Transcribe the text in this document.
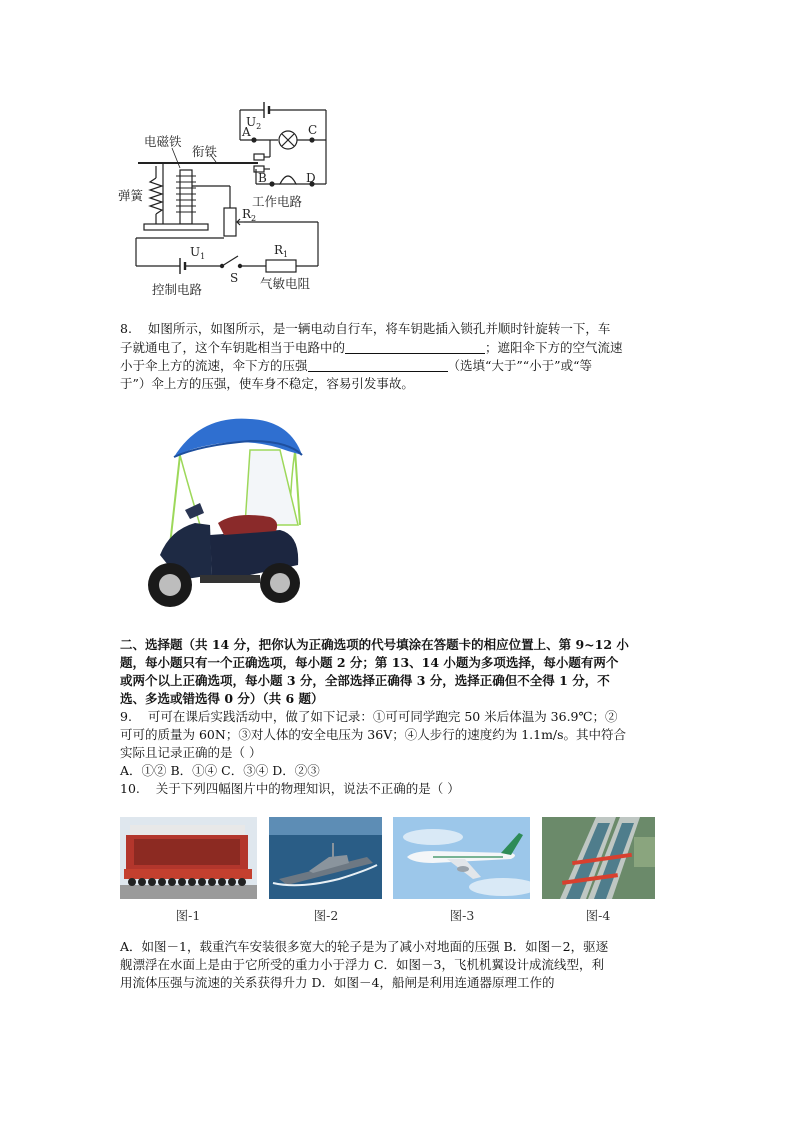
$U_2$
A	C
B	D
电磁铁
衔铁
弹簧
$R_2$
工作电路
$U_1$	$R_1$
S
控制电路	气敏电阻
8. 如图所示，如图所示，是一辆电动自行车，将车钥匙插入锁孔并顺时针旋转一下，车
子就通电了，这个车钥匙相当于电路中的	；遮阳伞下方的空气流速
小于伞上方的流速，伞下方的压强	（选填“大于”“小于”或“等
于”）伞上方的压强，使车身不稳定，容易引发事故。
二、选择题（共 14 分，把你认为正确选项的代号填涂在答题卡的相应位置上、第 9~12 小
题，每小题只有一个正确选项，每小题 2 分；第 13、14 小题为多项选择，每小题有两个
或两个以上正确选项，每小题 3 分，全部选择正确得 3 分，选择正确但不全得 1 分，不
选、多选或错选得 0 分）（共 6 题）
9. 可可在课后实践活动中，做了如下记录：①可可同学跑完 50 米后体温为 36.9℃；②
可可的质量为 60N；③对人体的安全电压为 36V；④人步行的速度约为 1.1m/s。其中符合
实际且记录正确的是（ ）
A．①② B．①④ C．③④ D．②③
10. 关于下列四幅图片中的物理知识，说法不正确的是（ ）
图-1	图-2	图-3	图-4
A．如图－1，载重汽车安装很多宽大的轮子是为了减小对地面的压强 B．如图－2，驱逐
舰漂浮在水面上是由于它所受的重力小于浮力 C．如图－3，飞机机翼设计成流线型，利
用流体压强与流速的关系获得升力 D．如图－4，船闸是利用连通器原理工作的
